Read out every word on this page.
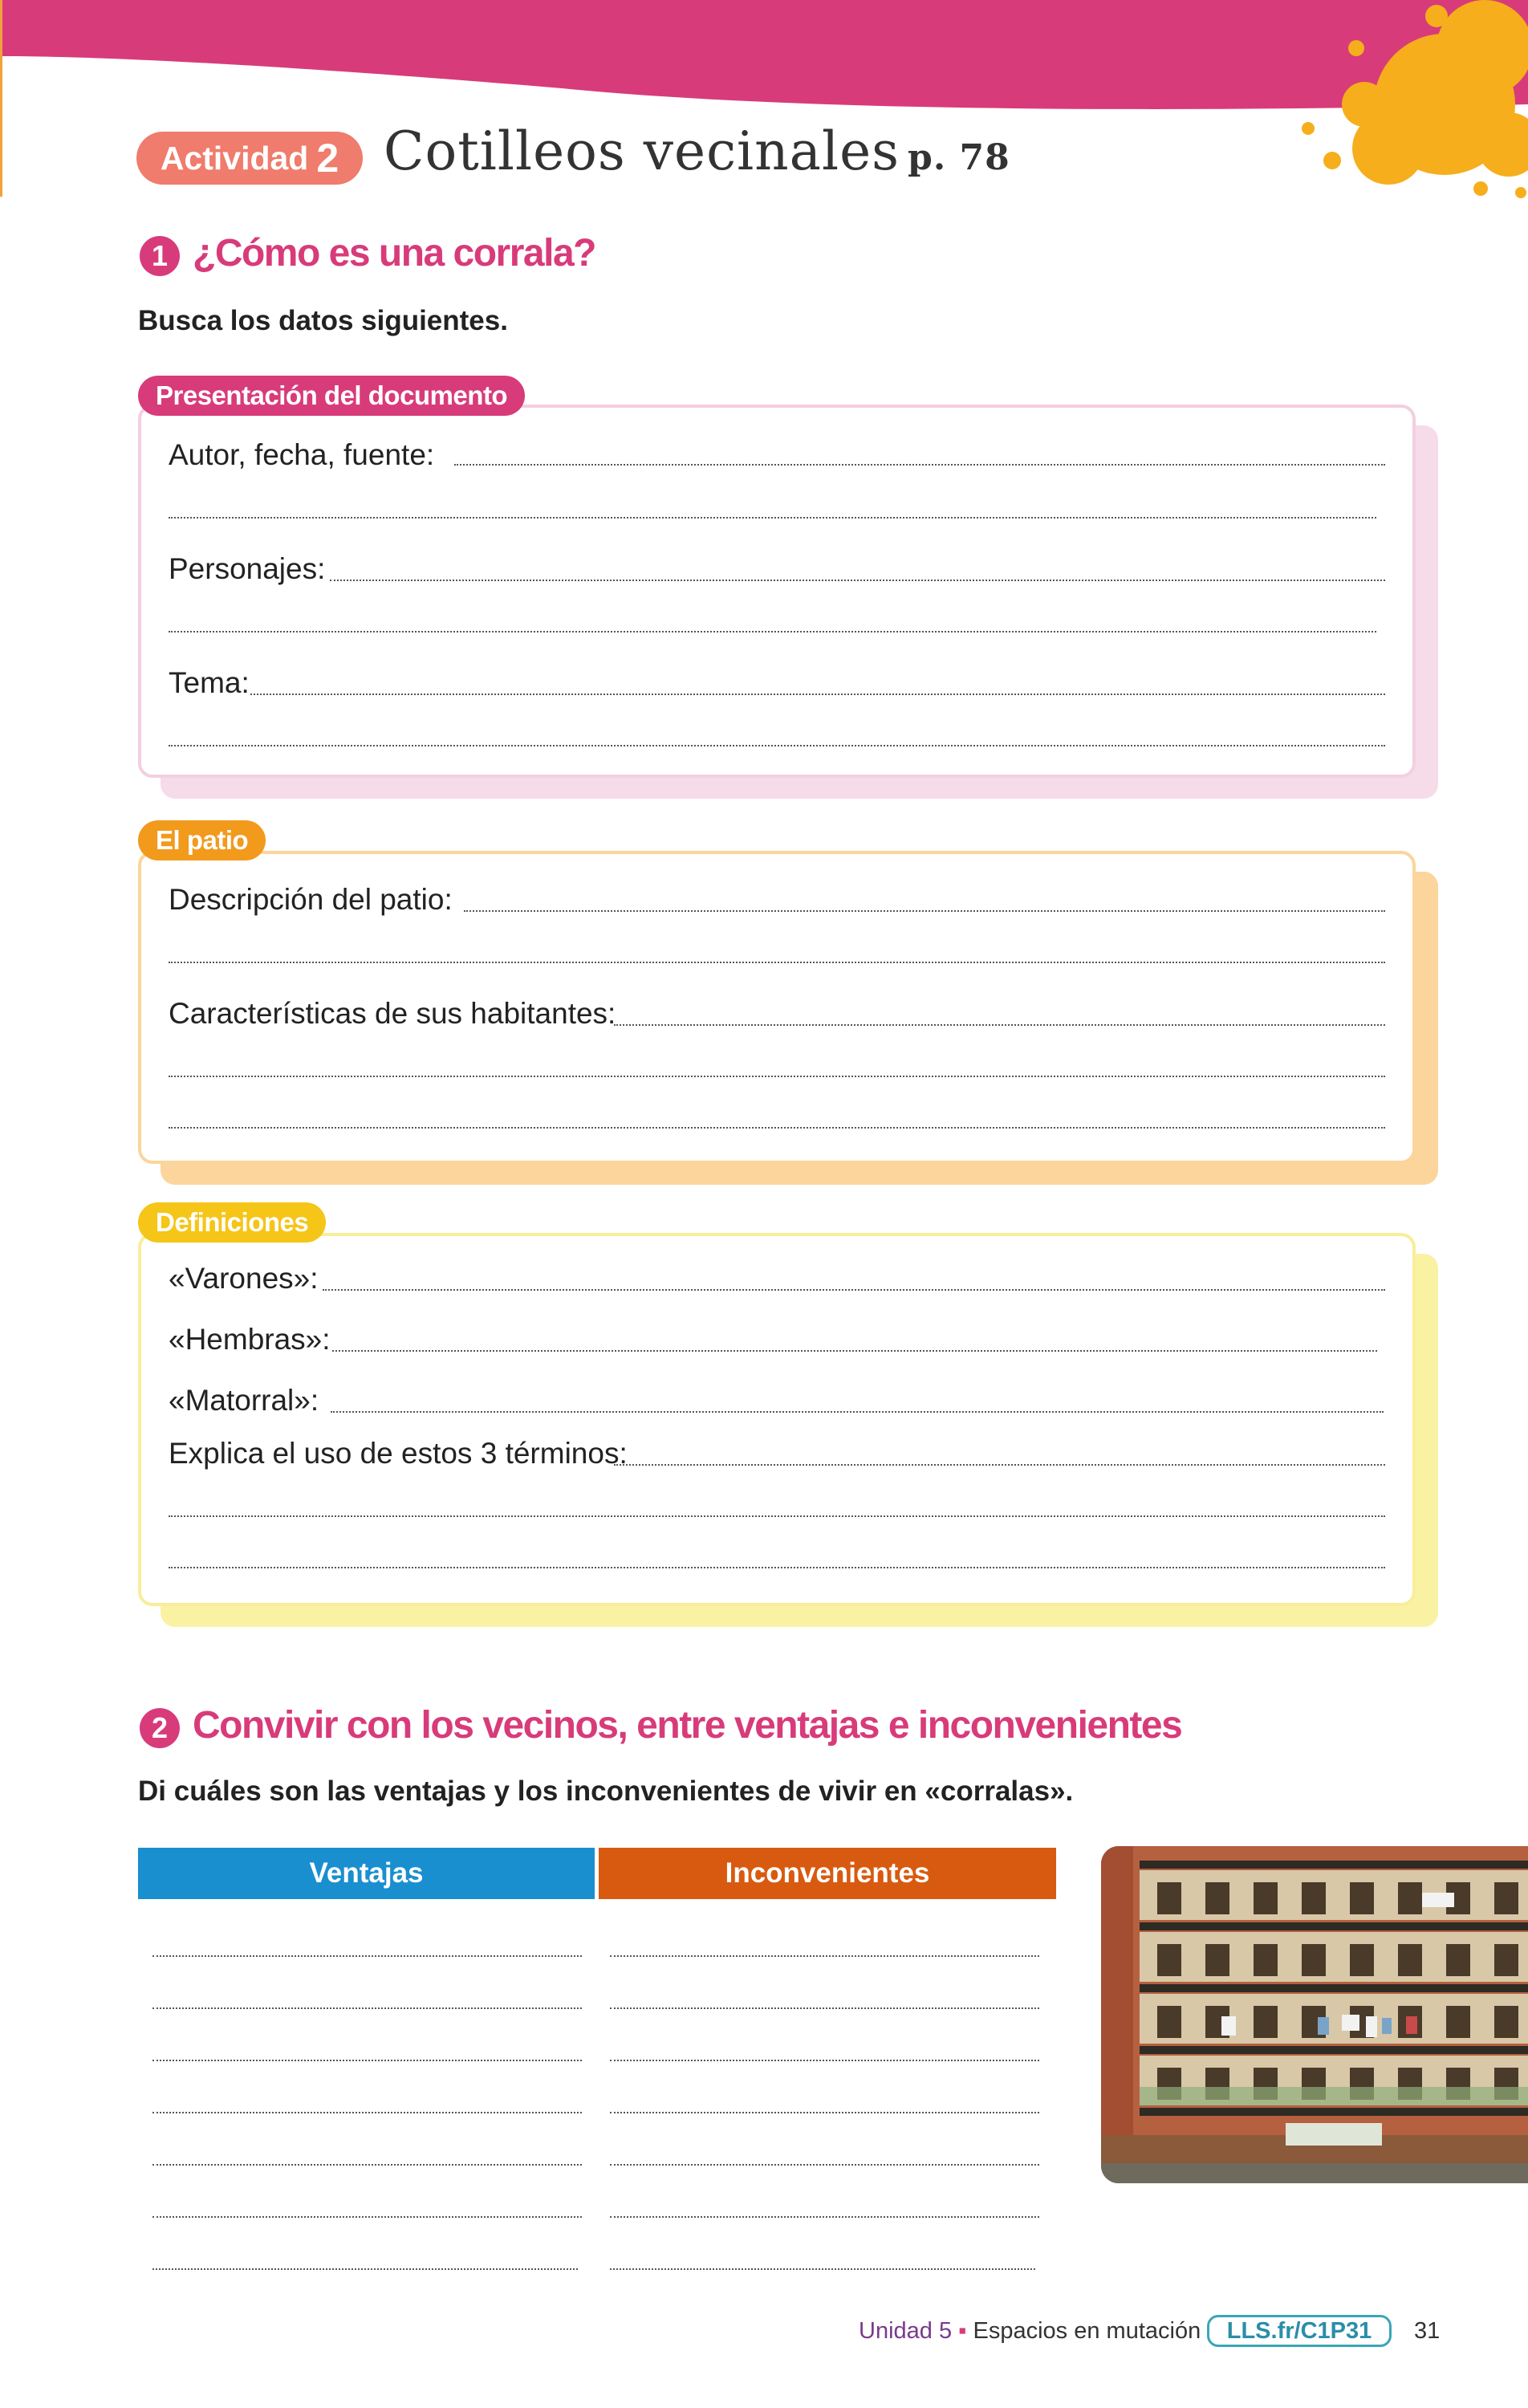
Actividad 2 Cotilleos vecinales p. 78
1 ¿Cómo es una corrala?
Busca los datos siguientes.
Presentación del documento
Autor, fecha, fuente:
Personajes:
Tema:
El patio
Descripción del patio:
Características de sus habitantes:
Definiciones
«Varones»:
«Hembras»:
«Matorral»:
Explica el uso de estos 3 términos:
2 Convivir con los vecinos, entre ventajas e inconvenientes
Di cuáles son las ventajas y los inconvenientes de vivir en «corralas».
Ventajas	Inconvenientes
Unidad 5 ▪ Espacios en mutación	LLS.fr/C1P31	31
